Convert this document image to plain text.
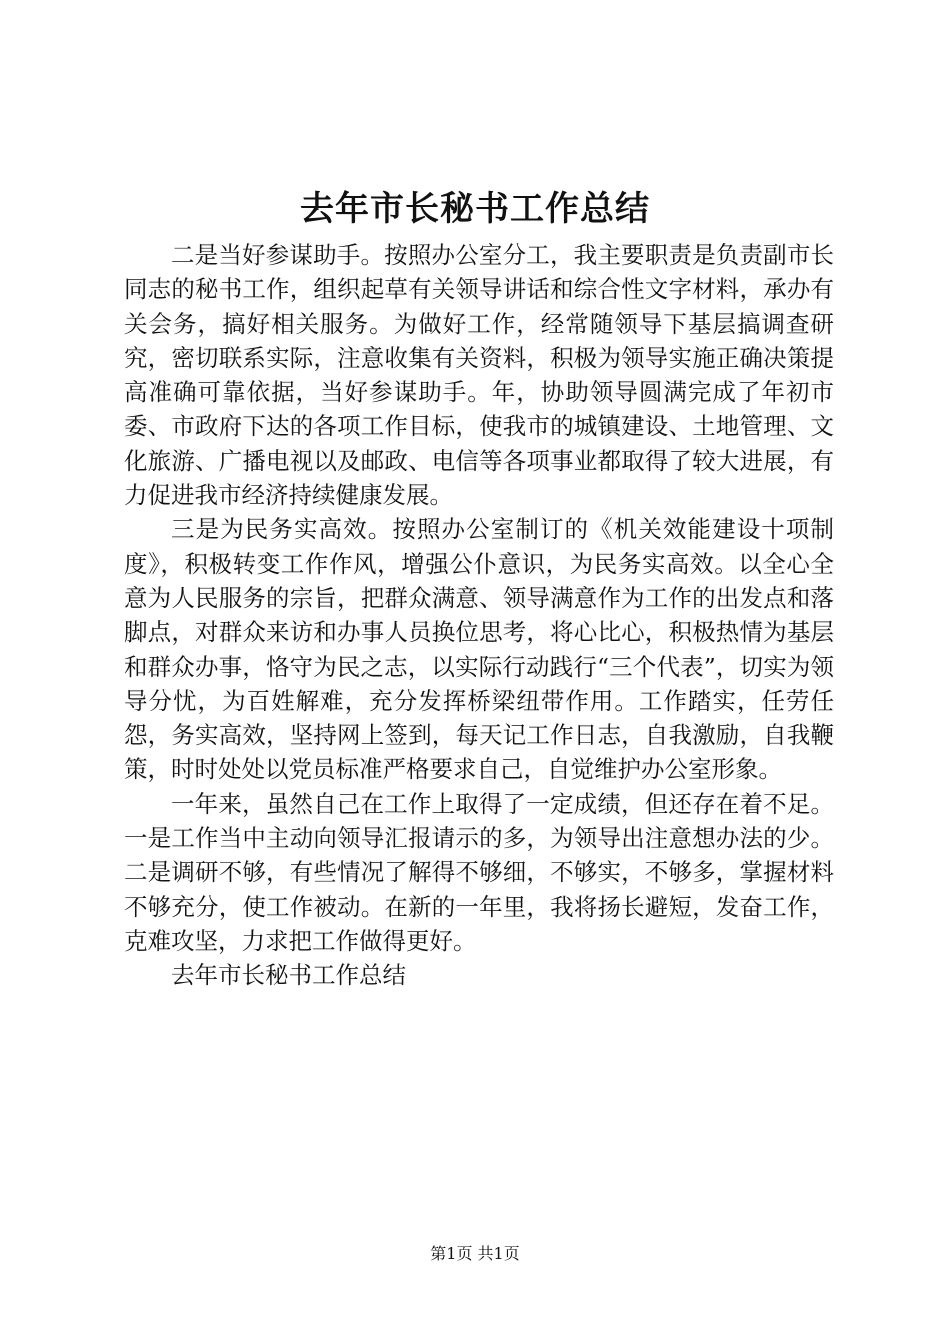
去年市长秘书工作总结

二是当好参谋助手。按照办公室分工，我主要职责是负责副市长同志的秘书工作，组织起草有关领导讲话和综合性文字材料，承办有关会务，搞好相关服务。为做好工作，经常随领导下基层搞调查研究，密切联系实际，注意收集有关资料，积极为领导实施正确决策提高准确可靠依据，当好参谋助手。年，协助领导圆满完成了年初市委、市政府下达的各项工作目标，使我市的城镇建设、土地管理、文化旅游、广播电视以及邮政、电信等各项事业都取得了较大进展，有力促进我市经济持续健康发展。

三是为民务实高效。按照办公室制订的《机关效能建设十项制度》，积极转变工作作风，增强公仆意识，为民务实高效。以全心全意为人民服务的宗旨，把群众满意、领导满意作为工作的出发点和落脚点，对群众来访和办事人员换位思考，将心比心，积极热情为基层和群众办事，恪守为民之志，以实际行动践行“三个代表”，切实为领导分忧，为百姓解难，充分发挥桥梁纽带作用。工作踏实，任劳任怨，务实高效，坚持网上签到，每天记工作日志，自我激励，自我鞭策，时时处处以党员标准严格要求自己，自觉维护办公室形象。

一年来，虽然自己在工作上取得了一定成绩，但还存在着不足。一是工作当中主动向领导汇报请示的多，为领导出注意想办法的少。二是调研不够，有些情况了解得不够细，不够实，不够多，掌握材料不够充分，使工作被动。在新的一年里，我将扬长避短，发奋工作，克难攻坚，力求把工作做得更好。

去年市长秘书工作总结

第1页 共1页
